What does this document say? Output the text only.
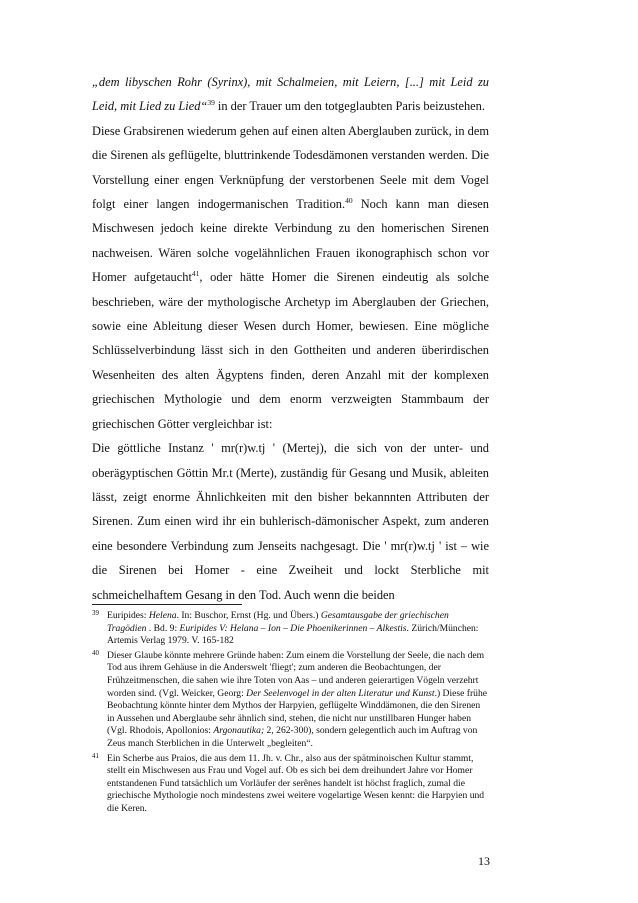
„dem libyschen Rohr (Syrinx), mit Schalmeien, mit Leiern, [...] mit Leid zu Leid, mit Lied zu Lied“$^{39}$ in der Trauer um den totgeglaubten Paris beizustehen.

Diese Grabsirenen wiederum gehen auf einen alten Aberglauben zurück, in dem die Sirenen als geflügelte, bluttrinkende Todesdämonen verstanden werden. Die Vorstellung einer engen Verknüpfung der verstorbenen Seele mit dem Vogel folgt einer langen indogermanischen Tradition.$^{40}$ Noch kann man diesen Mischwesen jedoch keine direkte Verbindung zu den homerischen Sirenen nachweisen. Wären solche vogelähnlichen Frauen ikonographisch schon vor Homer aufgetaucht$^{41}$, oder hätte Homer die Sirenen eindeutig als solche beschrieben, wäre der mythologische Archetyp im Aberglauben der Griechen, sowie eine Ableitung dieser Wesen durch Homer, bewiesen. Eine mögliche Schlüsselverbindung lässt sich in den Gottheiten und anderen überirdischen Wesenheiten des alten Ägyptens finden, deren Anzahl mit der komplexen griechischen Mythologie und dem enorm verzweigten Stammbaum der griechischen Götter vergleichbar ist:

Die göttliche Instanz ' mr(r)w.tj ' (Mertej), die sich von der unter- und oberägyptischen Göttin Mr.t (Merte), zuständig für Gesang und Musik, ableiten lässt, zeigt enorme Ähnlichkeiten mit den bisher bekannnten Attributen der Sirenen. Zum einen wird ihr ein buhlerisch-dämonischer Aspekt, zum anderen eine besondere Verbindung zum Jenseits nachgesagt. Die ' mr(r)w.tj ' ist – wie die Sirenen bei Homer - eine Zweiheit und lockt Sterbliche mit schmeichelhaftem Gesang in den Tod. Auch wenn die beiden

39 Euripides: Helena. In: Buschor, Ernst (Hg. und Übers.) Gesamtausgabe der griechischen Tragödien . Bd. 9: Euripides V: Helana – Ion – Die Phoenikerinnen – Alkestis. Zürich/München: Artemis Verlag 1979. V. 165-182
40 Dieser Glaube könnte mehrere Gründe haben: Zum einem die Vorstellung der Seele, die nach dem Tod aus ihrem Gehäuse in die Anderswelt 'fliegt'; zum anderen die Beobachtungen, der Frühzeitmenschen, die sahen wie ihre Toten von Aas – und anderen geierartigen Vögeln verzehrt worden sind. (Vgl. Weicker, Georg: Der Seelenvogel in der alten Literatur und Kunst.) Diese frühe Beobachtung könnte hinter dem Mythos der Harpyien, geflügelte Winddämonen, die den Sirenen in Aussehen und Aberglaube sehr ähnlich sind, stehen, die nicht nur unstillbaren Hunger haben (Vgl. Rhodois, Apollonios: Argonautika; 2, 262-300), sondern gelegentlich auch im Auftrag von Zeus manch Sterblichen in die Unterwelt „begleiten“.
41 Ein Scherbe aus Praios, die aus dem 11. Jh. v. Chr., also aus der spätminoischen Kultur stammt, stellt ein Mischwesen aus Frau und Vogel auf. Ob es sich bei dem dreihundert Jahre vor Homer entstandenen Fund tatsächlich um Vorläufer der serênes handelt ist höchst fraglich, zumal die griechische Mythologie noch mindestens zwei weitere vogelartige Wesen kennt: die Harpyien und die Keren.
13
